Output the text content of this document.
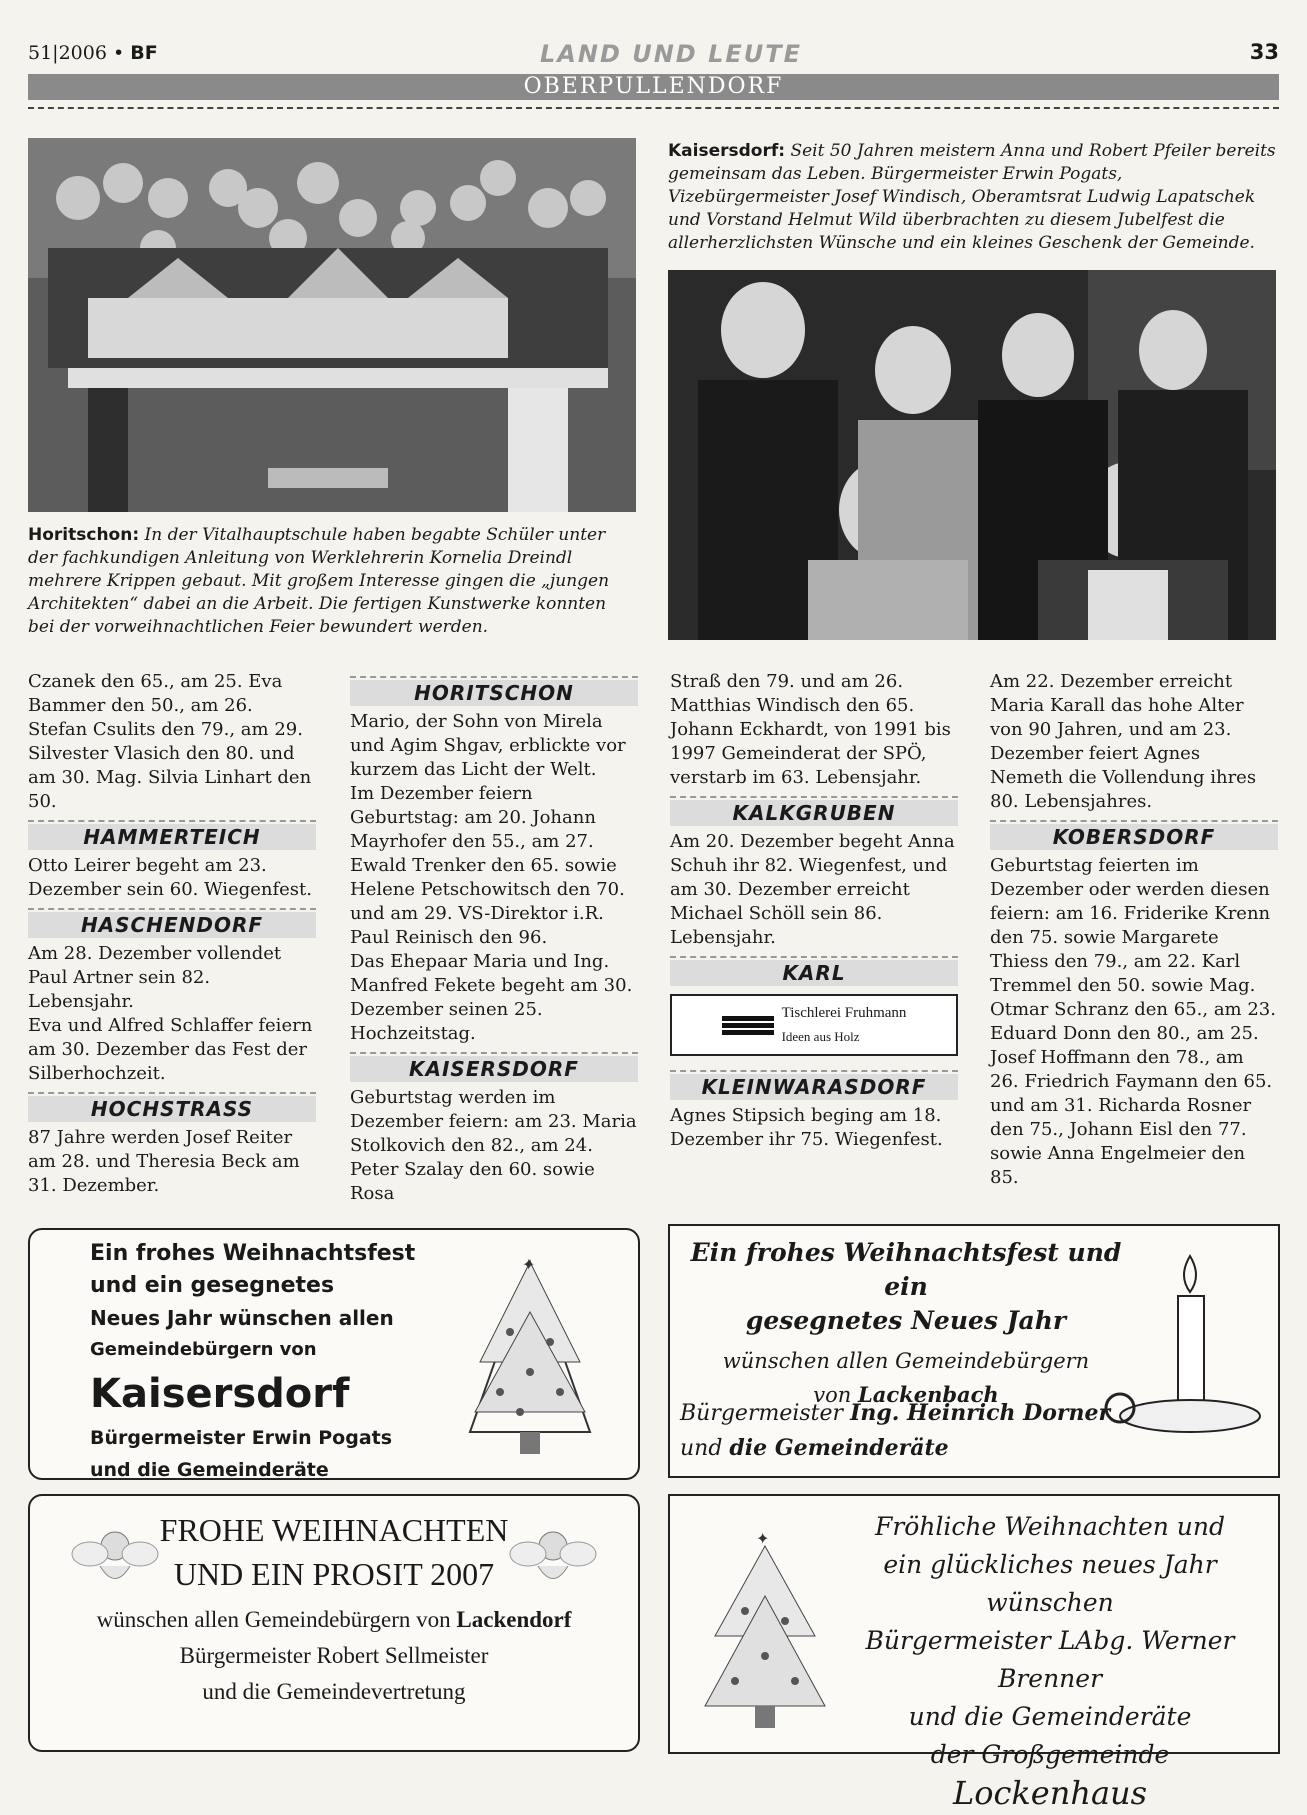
51|2006 • BF	LAND UND LEUTE	33
OBERPULLENDORF
Horitschon: In der Vitalhauptschule haben begabte Schüler unter der fachkundigen Anleitung von Werklehrerin Kornelia Dreindl mehrere Krippen gebaut. Mit großem Interesse gingen die „jungen Architekten“ dabei an die Arbeit. Die fertigen Kunstwerke konnten bei der vorweihnachtlichen Feier bewundert werden.
Kaisersdorf: Seit 50 Jahren meistern Anna und Robert Pfeiler bereits gemeinsam das Leben. Bürgermeister Erwin Pogats, Vizebürgermeister Josef Windisch, Oberamtsrat Ludwig Lapatschek und Vorstand Helmut Wild überbrachten zu diesem Jubelfest die allerherzlichsten Wünsche und ein kleines Geschenk der Gemeinde.

Czanek den 65., am 25. Eva Bammer den 50., am 26. Stefan Csulits den 79., am 29. Silvester Vlasich den 80. und am 30. Mag. Silvia Linhart den 50.

HAMMERTEICH

Otto Leirer begeht am 23. Dezember sein 60. Wiegenfest.

HASCHENDORF

Am 28. Dezember vollendet Paul Artner sein 82. Lebensjahr.

Eva und Alfred Schlaffer feiern am 30. Dezember das Fest der Silberhochzeit.

HOCHSTRASS

87 Jahre werden Josef Reiter am 28. und Theresia Beck am 31. Dezember.

HORITSCHON

Mario, der Sohn von Mirela und Agim Shgav, erblickte vor kurzem das Licht der Welt.

Im Dezember feiern Geburtstag: am 20. Johann Mayrhofer den 55., am 27. Ewald Trenker den 65. sowie Helene Petschowitsch den 70. und am 29. VS-Direktor i.R. Paul Reinisch den 96.

Das Ehepaar Maria und Ing. Manfred Fekete begeht am 30. Dezember seinen 25. Hochzeitstag.

KAISERSDORF

Geburtstag werden im Dezember feiern: am 23. Maria Stolkovich den 82., am 24. Peter Szalay den 60. sowie Rosa

Straß den 79. und am 26. Matthias Windisch den 65.

Johann Eckhardt, von 1991 bis 1997 Gemeinderat der SPÖ, verstarb im 63. Lebensjahr.

KALKGRUBEN

Am 20. Dezember begeht Anna Schuh ihr 82. Wiegenfest, und am 30. Dezember erreicht Michael Schöll sein 86. Lebensjahr.

KARL
Tischlerei Fruhmann
Ideen aus Holz
KLEINWARASDORF

Agnes Stipsich beging am 18. Dezember ihr 75. Wiegenfest.

Am 22. Dezember erreicht Maria Karall das hohe Alter von 90 Jahren, und am 23. Dezember feiert Agnes Nemeth die Vollendung ihres 80. Lebensjahres.

KOBERSDORF

Geburtstag feierten im Dezember oder werden diesen feiern: am 16. Friderike Krenn den 75. sowie Margarete Thiess den 79., am 22. Karl Tremmel den 50. sowie Mag. Otmar Schranz den 65., am 23. Eduard Donn den 80., am 25. Josef Hoffmann den 78., am 26. Friedrich Faymann den 65. und am 31. Richarda Rosner den 75., Johann Eisl den 77. sowie Anna Engelmeier den 85.

Ein frohes Weihnachtsfest
und ein gesegnetes
Neues Jahr wünschen allen
Gemeindebürgern von
Kaisersdorf
Bürgermeister Erwin Pogats
und die Gemeinderäte
✦	Ein frohes Weihnachtsfest und ein
gesegnetes Neues Jahr
wünschen allen Gemeindebürgern
von Lackenbach
Bürgermeister Ing. Heinrich Dorner
und die Gemeinderäte
FROHE WEIHNACHTEN
UND EIN PROSIT 2007
wünschen allen Gemeindebürgern von Lackendorf
Bürgermeister Robert Sellmeister
und die Gemeindevertretung
✦	Fröhliche Weihnachten und
ein glückliches neues Jahr
wünschen
Bürgermeister LAbg. Werner Brenner
und die Gemeinderäte
der Großgemeinde Lockenhaus
